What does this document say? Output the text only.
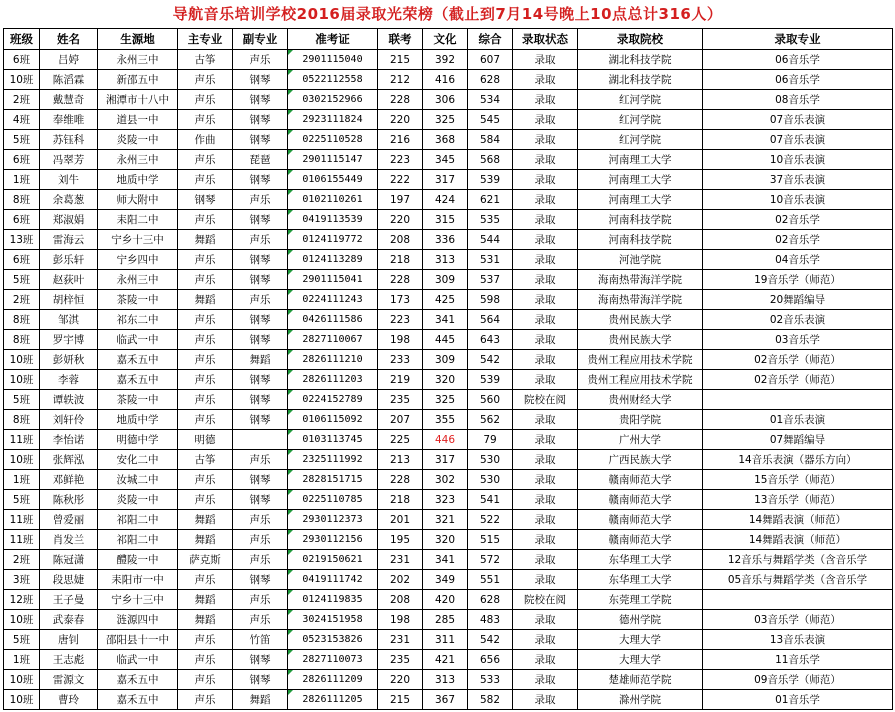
导航音乐培训学校2016届录取光荣榜（截止到7月14号晚上10点总计316人）
班级	姓名	生源地	主专业	副专业	准考证	联考	文化	综合	录取状态	录取院校	录取专业
6班	吕婷	永州三中	古筝	声乐	2901115040	215	392	607	录取	湖北科技学院	06音乐学
10班	陈滔霖	新邵五中	声乐	钢琴	0522112558	212	416	628	录取	湖北科技学院	06音乐学
2班	戴慧奇	湘潭市十八中	声乐	钢琴	0302152966	228	306	534	录取	红河学院	08音乐学
4班	奉维唯	道县一中	声乐	钢琴	2923111824	220	325	545	录取	红河学院	07音乐表演
5班	苏钰科	炎陵一中	作曲	钢琴	0225110528	216	368	584	录取	红河学院	07音乐表演
6班	冯翠芳	永州三中	声乐	琵琶	2901115147	223	345	568	录取	河南理工大学	10音乐表演
1班	刘牛	地质中学	声乐	钢琴	0106155449	222	317	539	录取	河南理工大学	37音乐表演
8班	余葛葱	师大附中	钢琴	声乐	0102110261	197	424	621	录取	河南理工大学	10音乐表演
6班	郑淑娟	耒阳二中	声乐	钢琴	0419113539	220	315	535	录取	河南科技学院	02音乐学
13班	雷海云	宁乡十三中	舞蹈	声乐	0124119772	208	336	544	录取	河南科技学院	02音乐学
6班	彭乐轩	宁乡四中	声乐	钢琴	0124113289	218	313	531	录取	河池学院	04音乐学
5班	赵荻叶	永州三中	声乐	钢琴	2901115041	228	309	537	录取	海南热带海洋学院	19音乐学（师范）
2班	胡梓恒	茶陵一中	舞蹈	声乐	0224111243	173	425	598	录取	海南热带海洋学院	20舞蹈编导
8班	邹淇	祁东二中	声乐	钢琴	0426111586	223	341	564	录取	贵州民族大学	02音乐表演
8班	罗宇博	临武一中	声乐	钢琴	2827110067	198	445	643	录取	贵州民族大学	03音乐学
10班	彭妍秋	嘉禾五中	声乐	舞蹈	2826111210	233	309	542	录取	贵州工程应用技术学院	02音乐学（师范）
10班	李蓉	嘉禾五中	声乐	钢琴	2826111203	219	320	539	录取	贵州工程应用技术学院	02音乐学（师范）
5班	谭轶波	茶陵一中	声乐	钢琴	0224152789	235	325	560	院校在阅	贵州财经大学	
8班	刘轩伶	地质中学	声乐	钢琴	0106115092	207	355	562	录取	贵阳学院	01音乐表演
11班	李怡诺	明德中学	明德		0103113745	225	446	79	录取	广州大学	07舞蹈编导
10班	张辉泓	安化二中	古筝	声乐	2325111992	213	317	530	录取	广西民族大学	14音乐表演（器乐方向）
1班	邓鲜艳	汝城二中	声乐	钢琴	2828151715	228	302	530	录取	赣南师范大学	15音乐学（师范）
5班	陈秋彤	炎陵一中	声乐	钢琴	0225110785	218	323	541	录取	赣南师范大学	13音乐学（师范）
11班	曾爱丽	祁阳二中	舞蹈	声乐	2930112373	201	321	522	录取	赣南师范大学	14舞蹈表演（师范）
11班	肖发兰	祁阳二中	舞蹈	声乐	2930112156	195	320	515	录取	赣南师范大学	14舞蹈表演（师范）
2班	陈冠潇	醴陵一中	萨克斯	声乐	0219150621	231	341	572	录取	东华理工大学	12音乐与舞蹈学类（含音乐学
3班	段思婕	耒阳市一中	声乐	钢琴	0419111742	202	349	551	录取	东华理工大学	05音乐与舞蹈学类（含音乐学
12班	王子曼	宁乡十三中	舞蹈	声乐	0124119835	208	420	628	院校在阅	东莞理工学院	
10班	武泰春	涟源四中	舞蹈	声乐	3024151958	198	285	483	录取	德州学院	03音乐学（师范）
5班	唐钊	邵阳县十一中	声乐	竹笛	0523153826	231	311	542	录取	大理大学	13音乐表演
1班	王志彪	临武一中	声乐	钢琴	2827110073	235	421	656	录取	大理大学	11音乐学
10班	雷源文	嘉禾五中	声乐	钢琴	2826111209	220	313	533	录取	楚雄师范学院	09音乐学（师范）
10班	曹玲	嘉禾五中	声乐	舞蹈	2826111205	215	367	582	录取	滁州学院	01音乐学
